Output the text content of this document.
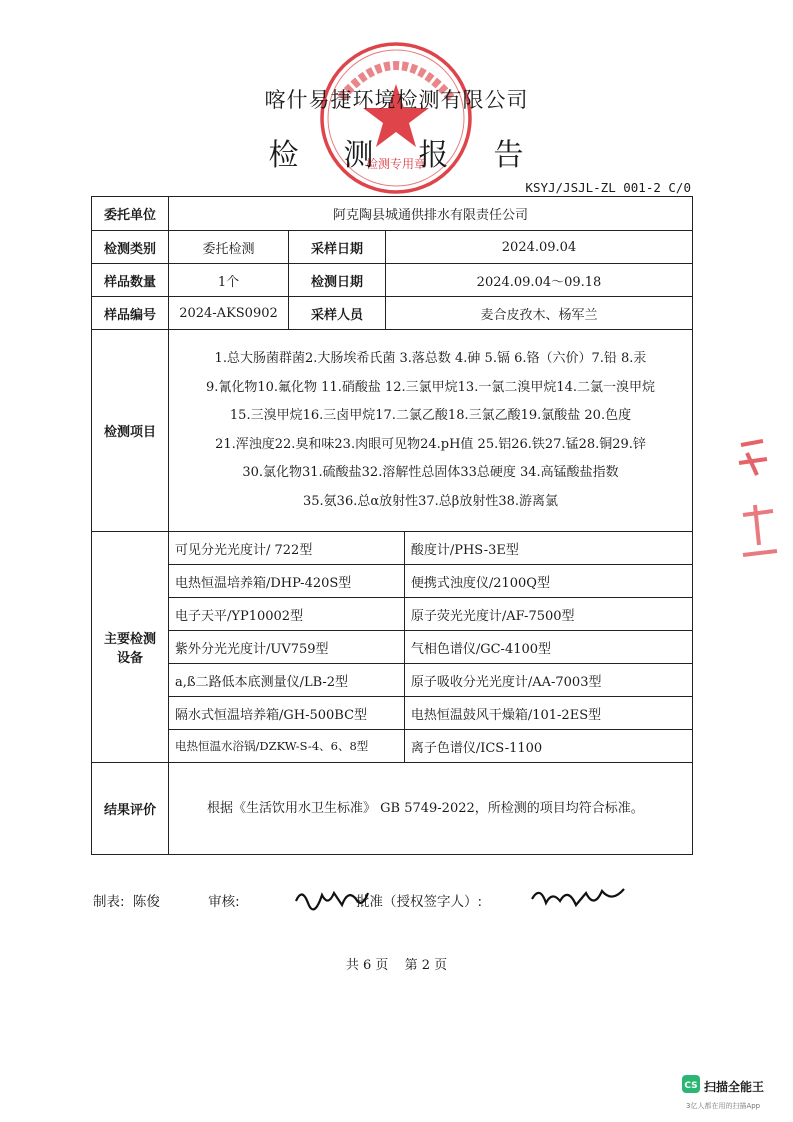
检测专用章
喀什易捷环境检测有限公司
检 测 报 告
KSYJ/JSJL-ZL 001-2 C/0
委托单位	阿克陶县城通供排水有限责任公司
检测类别	委托检测	采样日期	2024.09.04
样品数量	1个	检测日期	2024.09.04～09.18
样品编号	2024-AKS0902	采样人员	麦合皮孜木、杨军兰
检测项目	
1.总大肠菌群菌2.大肠埃希氏菌 3.落总数 4.砷 5.镉 6.铬（六价）7.铅 8.汞
9.氰化物10.氟化物 11.硝酸盐 12.三氯甲烷13.一氯二溴甲烷14.二氯一溴甲烷
15.三溴甲烷16.三卤甲烷17.二氯乙酸18.三氯乙酸19.氯酸盐 20.色度
21.浑浊度22.臭和味23.肉眼可见物24.pH值 25.铝26.铁27.锰28.铜29.锌
30.氯化物31.硫酸盐32.溶解性总固体33总硬度 34.高锰酸盐指数
35.氨36.总α放射性37.总β放射性38.游离氯

主要检测
设备

可见分光光度计/ 722型	酸度计/PHS-3E型
电热恒温培养箱/DHP-420S型	便携式浊度仪/2100Q型
电子天平/YP10002型	原子荧光光度计/AF-7500型
紫外分光光度计/UV759型	气相色谱仪/GC-4100型
a,ß二路低本底测量仪/LB-2型	原子吸收分光光度计/AA-7003型
隔水式恒温培养箱/GH-500BC型	电热恒温鼓风干燥箱/101-2ES型
电热恒温水浴锅/DZKW-S-4、6、8型	离子色谱仪/ICS-1100

结果评价	根据《生活饮用水卫生标准》 GB 5749-2022，所检测的项目均符合标准。
制表: 陈俊	审核:	批准（授权签字人）:
共 6 页 第 2 页
CS 扫描全能王
3亿人都在用的扫描App
